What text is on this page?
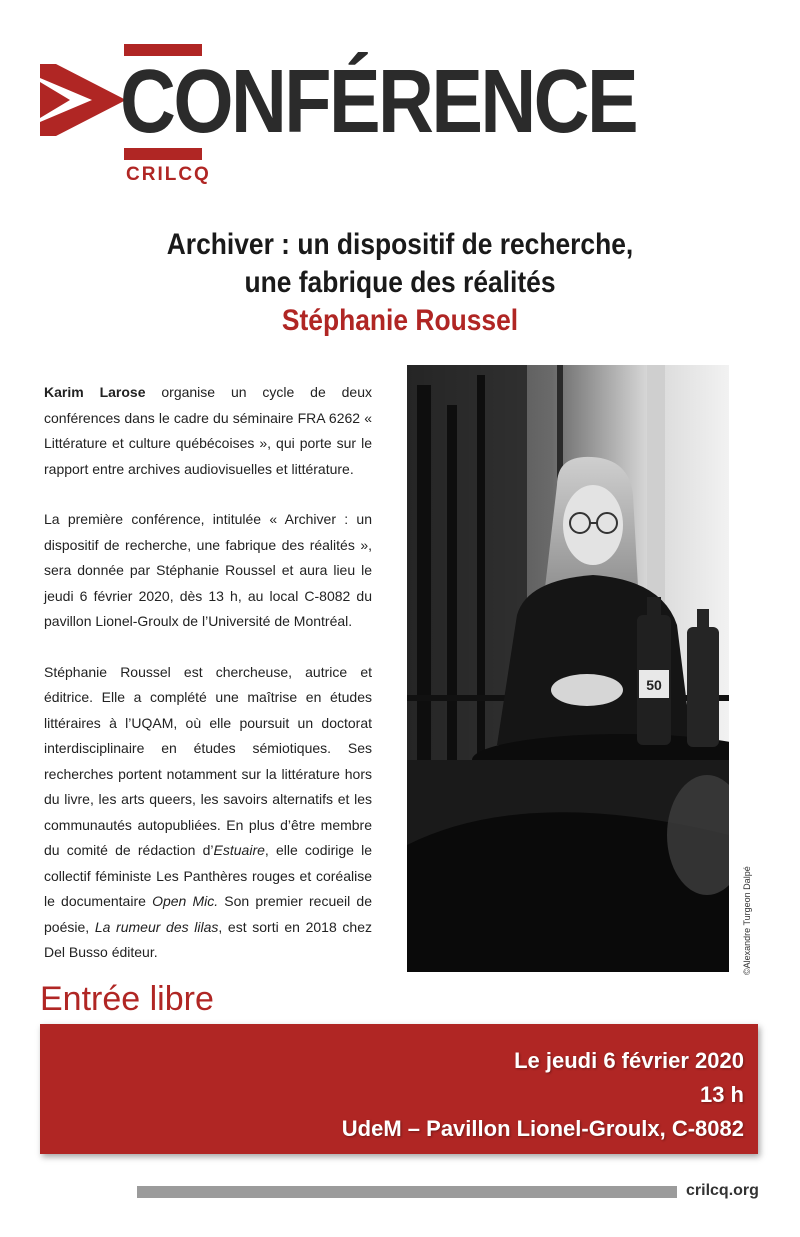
CONFÉRENCE
CRILCQ
Archiver : un dispositif de recherche,
une fabrique des réalités
Stéphanie Roussel

Karim Larose organise un cycle de deux conférences dans le cadre du séminaire FRA 6262 « Littérature et culture québécoises », qui porte sur le rapport entre archives audiovisuelles et littérature.

La première conférence, intitulée « Archiver : un dispositif de recherche, une fabrique des réalités », sera donnée par Stéphanie Roussel et aura lieu le jeudi 6 février 2020, dès 13 h, au local C-8082 du pavillon Lionel-Groulx de l’Université de Montréal.

Stéphanie Roussel est chercheuse, autrice et éditrice. Elle a complété une maîtrise en études littéraires à l’UQAM, où elle poursuit un doctorat interdisciplinaire en études sémiotiques. Ses recherches portent notamment sur la littérature hors du livre, les arts queers, les savoirs alternatifs et les communautés autopubliées. En plus d’être membre du comité de rédaction d’Estuaire, elle codirige le collectif féministe Les Panthères rouges et coréalise le documentaire Open Mic. Son premier recueil de poésie, La rumeur des lilas, est sorti en 2018 chez Del Busso éditeur.

50
©Alexandre Turgeon Dalpé
Entrée libre
Le jeudi 6 février 2020
13 h
UdeM – Pavillon Lionel-Groulx, C-8082
crilcq.org
